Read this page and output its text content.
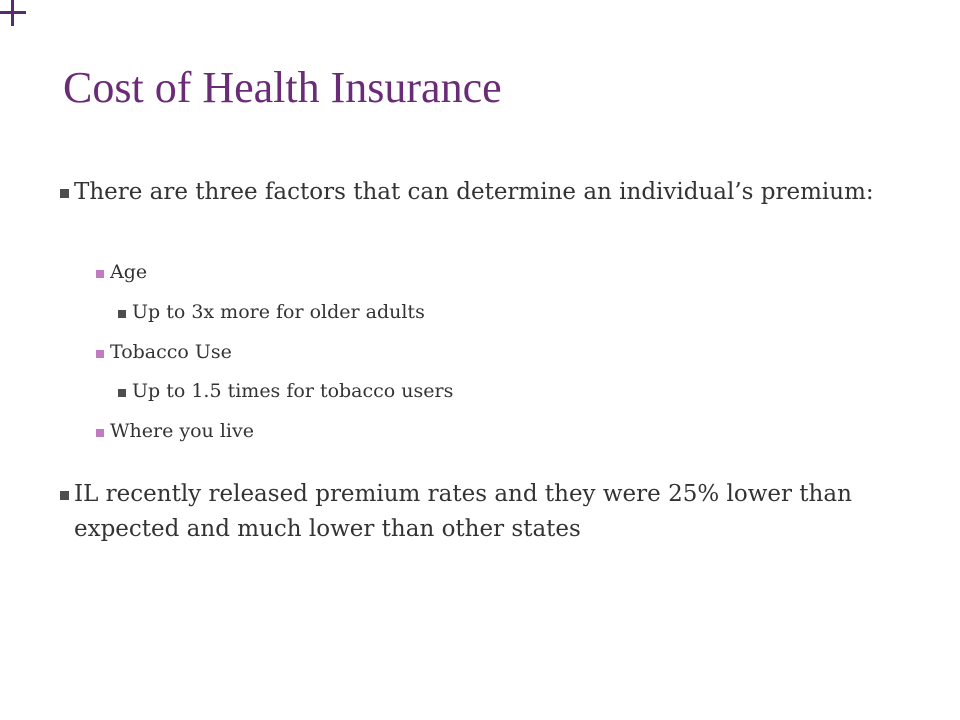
Cost of Health Insurance
There are three factors that can determine an individual’s premium:
Age
Up to 3x more for older adults
Tobacco Use
Up to 1.5 times for tobacco users
Where you live
IL recently released premium rates and they were 25% lower than expected and much lower than other states
